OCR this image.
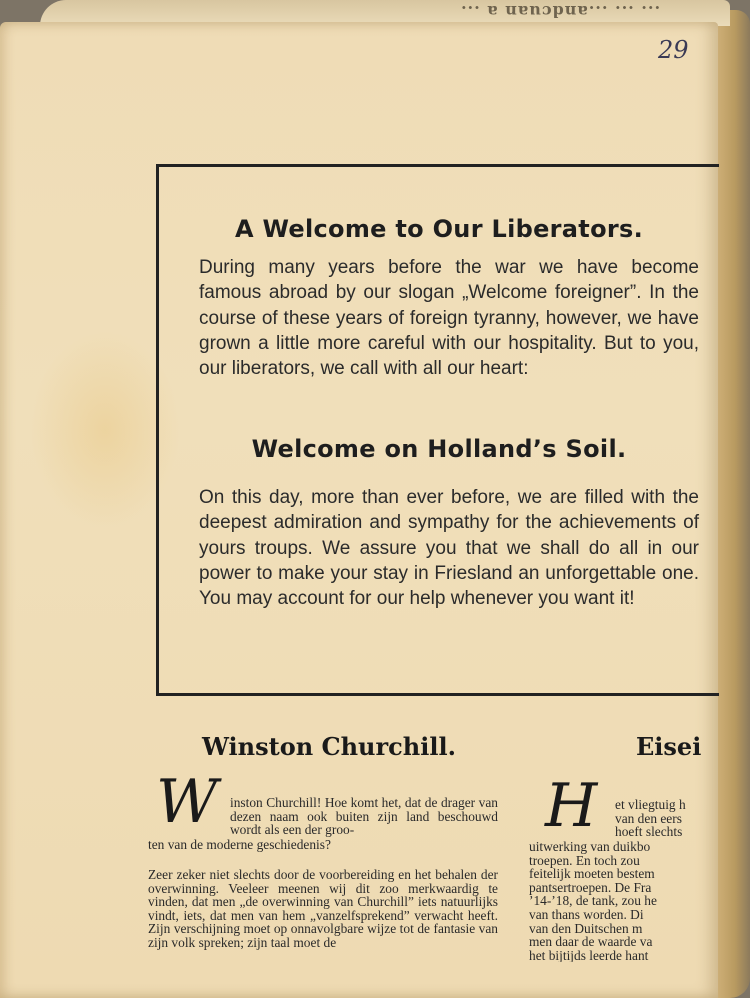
... ... ...andcuan a ...
29
A Welcome to Our Liberators.

During many years before the war we have become famous abroad by our slogan „Welcome foreigner”. In the course of these years of foreign tyranny, however, we have grown a little more careful with our hospitality. But to you, our liberators, we call with all our heart:

Welcome on Holland’s Soil.

On this day, more than ever before, we are filled with the deepest admiration and sympathy for the achievements of yours troups. We assure you that we shall do all in our power to make your stay in Friesland an unforgettable one. You may account for our help whenever you want it!

Winston Churchill.
W inston Churchill! Hoe komt het, dat de drager van dezen naam ook buiten zijn land beschouwd wordt als een der groo-

ten van de moderne geschiedenis?

Zeer zeker niet slechts door de voorbereiding en het behalen der overwinning. Veeleer meenen wij dit zoo merkwaardig te vinden, dat men „de overwinning van Churchill” iets natuurlijks vindt, iets, dat men van hem „vanzelfsprekend” verwacht heeft. Zijn verschijning moet op onnavolgbare wijze tot de fantasie van zijn volk spreken; zijn taal moet de

Eisei
H et vliegtuig h
van den eers
hoeft slechts
uitwerking van duikbo
troepen. En toch zou
feitelijk moeten bestem
pantsertroepen. De Fra
’14-’18, de tank, zou he
van thans worden. Di
van den Duitschen m
men daar de waarde va
het bijtijds leerde hant
